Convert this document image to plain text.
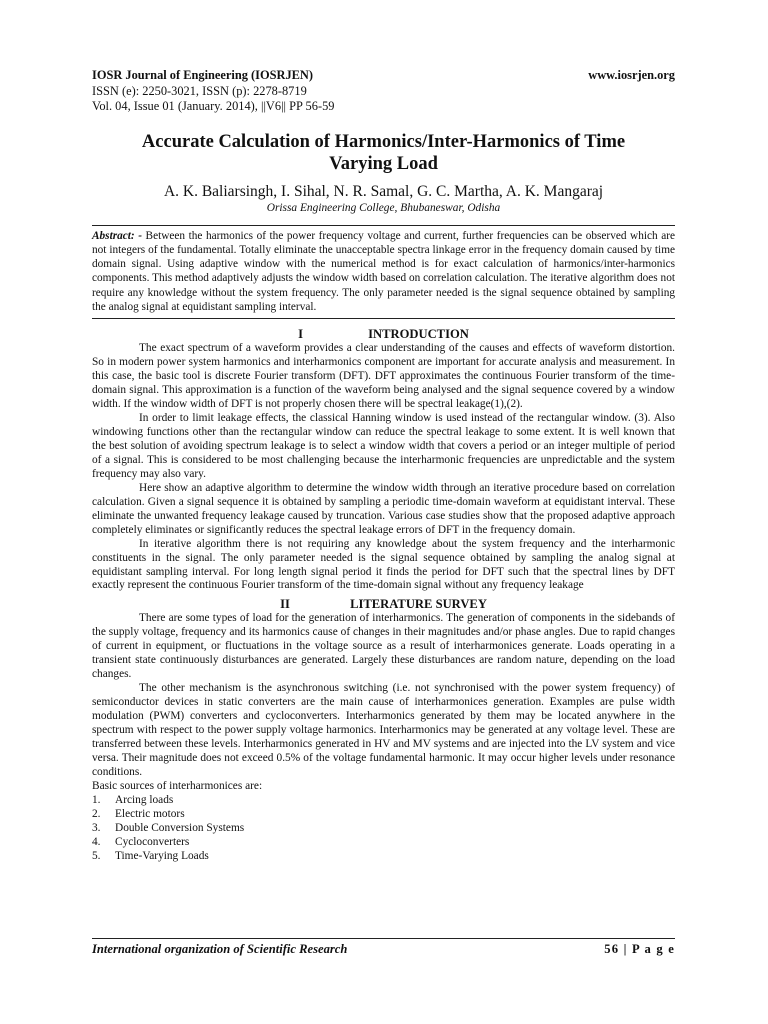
IOSR Journal of Engineering (IOSRJEN)	www.iosrjen.org
ISSN (e): 2250-3021, ISSN (p): 2278-8719
Vol. 04, Issue 01 (January. 2014), ||V6|| PP 56-59
Accurate Calculation of Harmonics/Inter-Harmonics of Time
Varying Load
A. K. Baliarsingh, I. Sihal, N. R. Samal, G. C. Martha, A. K. Mangaraj
Orissa Engineering College, Bhubaneswar, Odisha
Abstract: - Between the harmonics of the power frequency voltage and current, further frequencies can be observed which are not integers of the fundamental. Totally eliminate the unacceptable spectra linkage error in the frequency domain caused by time domain signal. Using adaptive window with the numerical method is for exact calculation of harmonics/inter-harmonics components. This method adaptively adjusts the window width based on correlation calculation. The iterative algorithm does not require any knowledge without the system frequency. The only parameter needed is the signal sequence obtained by sampling the analog signal at equidistant sampling interval.
I	INTRODUCTION

The exact spectrum of a waveform provides a clear understanding of the causes and effects of waveform distortion. So in modern power system harmonics and interharmonics component are important for accurate analysis and measurement. In this case, the basic tool is discrete Fourier transform (DFT). DFT approximates the continuous Fourier transform of the time-domain signal. This approximation is a function of the waveform being analysed and the signal sequence covered by a window width. If the window width of DFT is not properly chosen there will be spectral leakage(1),(2).

In order to limit leakage effects, the classical Hanning window is used instead of the rectangular window. (3). Also windowing functions other than the rectangular window can reduce the spectral leakage to some extent. It is well known that the best solution of avoiding spectrum leakage is to select a window width that covers a period or an integer multiple of period of a signal. This is considered to be most challenging because the interharmonic frequencies are unpredictable and the system frequency may also vary.

Here show an adaptive algorithm to determine the window width through an iterative procedure based on correlation calculation. Given a signal sequence it is obtained by sampling a periodic time-domain waveform at equidistant interval. These eliminate the unwanted frequency leakage caused by truncation. Various case studies show that the proposed adaptive approach completely eliminates or significantly reduces the spectral leakage errors of DFT in the frequency domain.

In iterative algorithm there is not requiring any knowledge about the system frequency and the interharmonic constituents in the signal. The only parameter needed is the signal sequence obtained by sampling the analog signal at equidistant sampling interval. For long length signal period it finds the period for DFT such that the spectral lines by DFT exactly represent the continuous Fourier transform of the time-domain signal without any frequency leakage

II	LITERATURE SURVEY

There are some types of load for the generation of interharmonics. The generation of components in the sidebands of the supply voltage, frequency and its harmonics cause of changes in their magnitudes and/or phase angles. Due to rapid changes of current in equipment, or fluctuations in the voltage source as a result of interharmonices generate. Loads operating in a transient state continuously disturbances are generated. Largely these disturbances are random nature, depending on the load changes.

The other mechanism is the asynchronous switching (i.e. not synchronised with the power system frequency) of semiconductor devices in static converters are the main cause of interharmonices generation. Examples are pulse width modulation (PWM) converters and cycloconverters. Interharmonics generated by them may be located anywhere in the spectrum with respect to the power supply voltage harmonics. Interharmonics may be generated at any voltage level. These are transferred between these levels. Interharmonics generated in HV and MV systems and are injected into the LV system and vice versa. Their magnitude does not exceed 0.5% of the voltage fundamental harmonic. It may occur higher levels under resonance conditions.

Basic sources of interharmonices are:

1.	Arcing loads
2.	Electric motors
3.	Double Conversion Systems
4.	Cycloconverters
5.	Time-Varying Loads
International organization of Scientific Research	56 | P a g e
